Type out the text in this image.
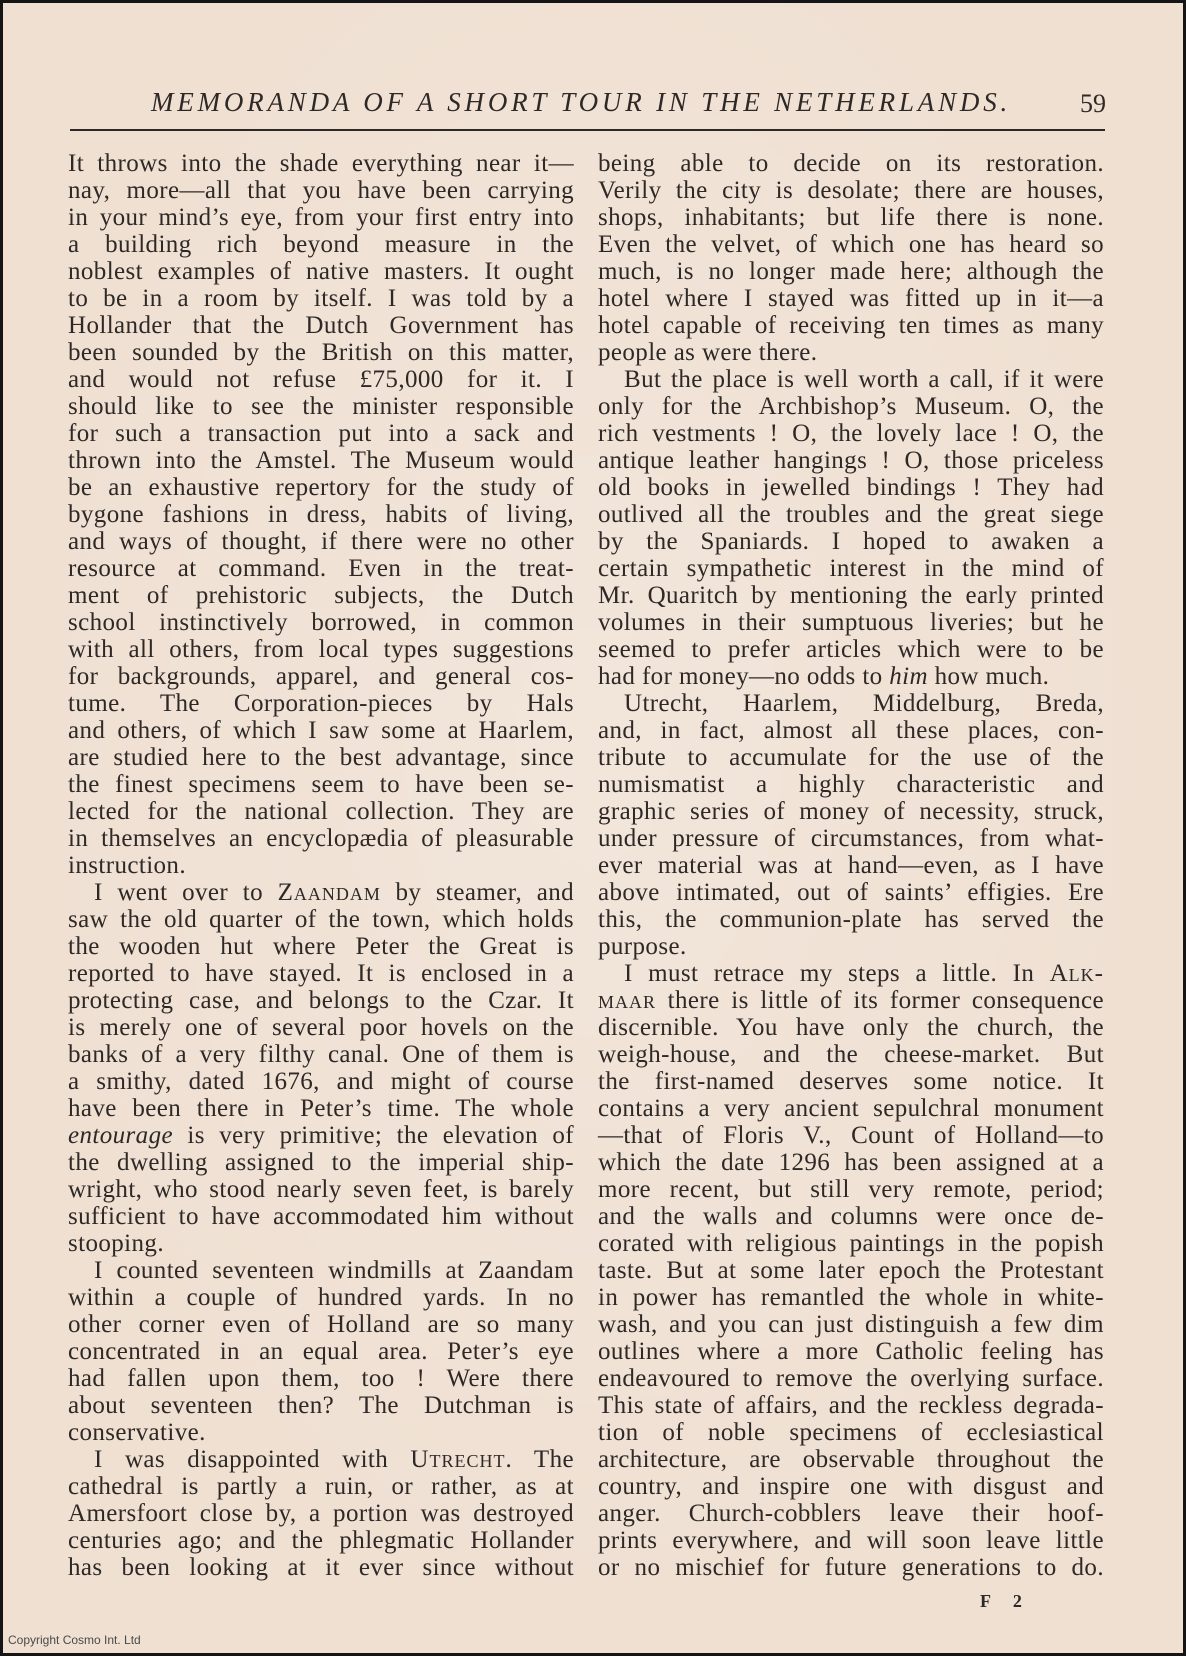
MEMORANDA OF A SHORT TOUR IN THE NETHERLANDS.	59
It throws into the shade everything near it—
nay, more—all that you have been carrying
in your mind’s eye, from your first entry into
a building rich beyond measure in the
noblest examples of native masters. It ought
to be in a room by itself. I was told by a
Hollander that the Dutch Government has
been sounded by the British on this matter,
and would not refuse £75,000 for it. I
should like to see the minister responsible
for such a transaction put into a sack and
thrown into the Amstel. The Museum would
be an exhaustive repertory for the study of
bygone fashions in dress, habits of living,
and ways of thought, if there were no other
resource at command. Even in the treat-
ment of prehistoric subjects, the Dutch
school instinctively borrowed, in common
with all others, from local types suggestions
for backgrounds, apparel, and general cos-
tume. The Corporation-pieces by Hals
and others, of which I saw some at Haarlem,
are studied here to the best advantage, since
the finest specimens seem to have been se-
lected for the national collection. They are
in themselves an encyclopædia of pleasurable
instruction.
I went over to Zaandam by steamer, and
saw the old quarter of the town, which holds
the wooden hut where Peter the Great is
reported to have stayed. It is enclosed in a
protecting case, and belongs to the Czar. It
is merely one of several poor hovels on the
banks of a very filthy canal. One of them is
a smithy, dated 1676, and might of course
have been there in Peter’s time. The whole
entourage is very primitive; the elevation of
the dwelling assigned to the imperial ship-
wright, who stood nearly seven feet, is barely
sufficient to have accommodated him without
stooping.
I counted seventeen windmills at Zaandam
within a couple of hundred yards. In no
other corner even of Holland are so many
concentrated in an equal area. Peter’s eye
had fallen upon them, too ! Were there
about seventeen then? The Dutchman is
conservative.
I was disappointed with Utrecht. The
cathedral is partly a ruin, or rather, as at
Amersfoort close by, a portion was destroyed
centuries ago; and the phlegmatic Hollander
has been looking at it ever since without
being able to decide on its restoration.
Verily the city is desolate; there are houses,
shops, inhabitants; but life there is none.
Even the velvet, of which one has heard so
much, is no longer made here; although the
hotel where I stayed was fitted up in it—a
hotel capable of receiving ten times as many
people as were there.
But the place is well worth a call, if it were
only for the Archbishop’s Museum. O, the
rich vestments ! O, the lovely lace ! O, the
antique leather hangings ! O, those priceless
old books in jewelled bindings ! They had
outlived all the troubles and the great siege
by the Spaniards. I hoped to awaken a
certain sympathetic interest in the mind of
Mr. Quaritch by mentioning the early printed
volumes in their sumptuous liveries; but he
seemed to prefer articles which were to be
had for money—no odds to him how much.
Utrecht, Haarlem, Middelburg, Breda,
and, in fact, almost all these places, con-
tribute to accumulate for the use of the
numismatist a highly characteristic and
graphic series of money of necessity, struck,
under pressure of circumstances, from what-
ever material was at hand—even, as I have
above intimated, out of saints’ effigies. Ere
this, the communion-plate has served the
purpose.
I must retrace my steps a little. In Alk-
maar there is little of its former consequence
discernible. You have only the church, the
weigh-house, and the cheese-market. But
the first-named deserves some notice. It
contains a very ancient sepulchral monument
—that of Floris V., Count of Holland—to
which the date 1296 has been assigned at a
more recent, but still very remote, period;
and the walls and columns were once de-
corated with religious paintings in the popish
taste. But at some later epoch the Protestant
in power has remantled the whole in white-
wash, and you can just distinguish a few dim
outlines where a more Catholic feeling has
endeavoured to remove the overlying surface.
This state of affairs, and the reckless degrada-
tion of noble specimens of ecclesiastical
architecture, are observable throughout the
country, and inspire one with disgust and
anger. Church-cobblers leave their hoof-
prints everywhere, and will soon leave little
or no mischief for future generations to do.
F 2
Copyright Cosmo Int. Ltd
